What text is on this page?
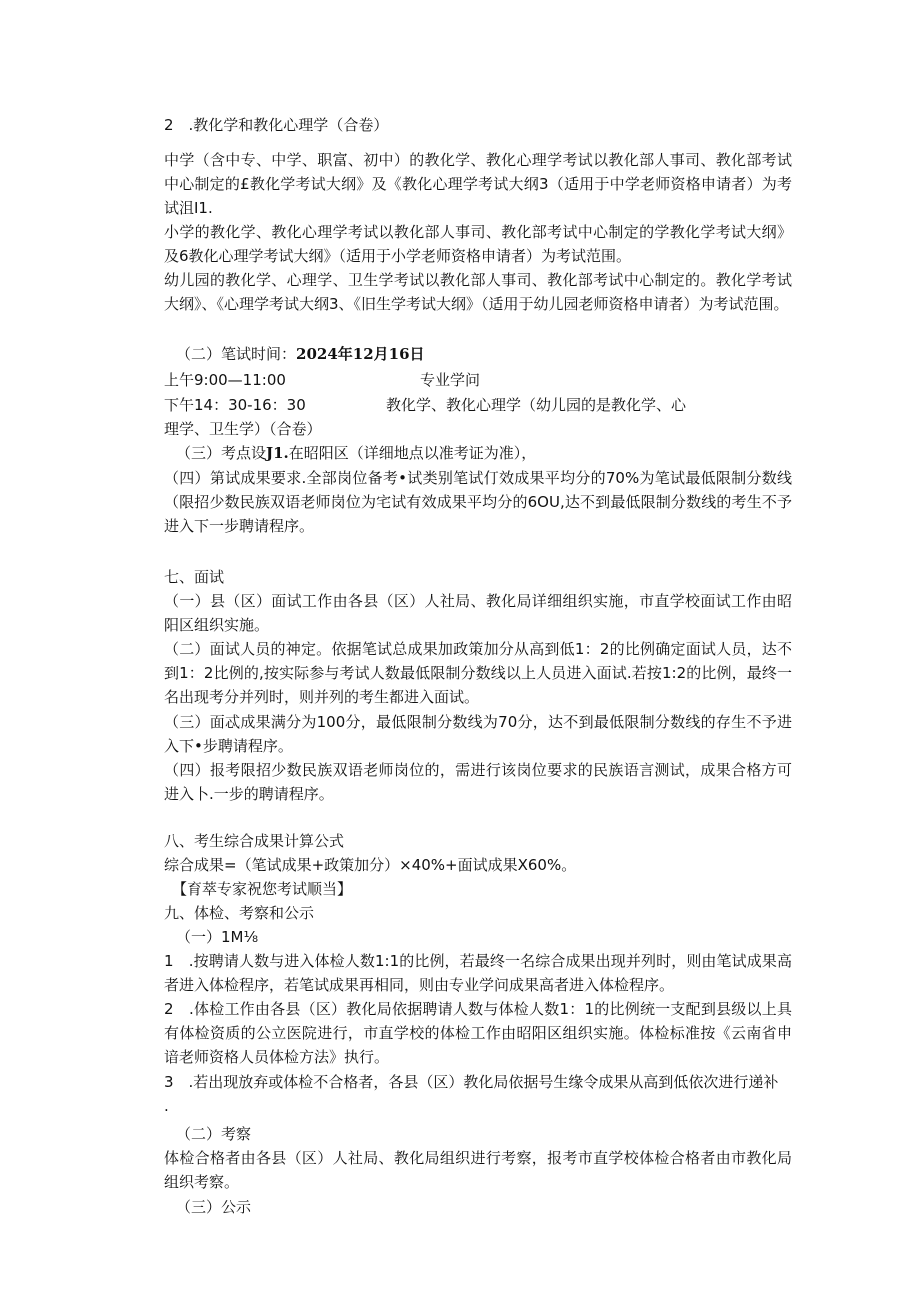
2　.教化学和教化心理学（合卷）
中学（含中专、中学、职富、初中）的教化学、教化心理学考试以教化部人事司、教化部考试中心制定的£教化学考试大纲》及《教化心理学考试大纲3（适用于中学老师资格申请者）为考试沮I1.
小学的教化学、教化心理学考试以教化部人事司、教化部考试中心制定的学教化学考试大纲》及6教化心理学考试大纲》（适用于小学老师资格申请者）为考试范围。
幼儿园的教化学、心理学、卫生学考试以教化部人事司、教化部考试中心制定的。教化学考试大纲》、《心理学考试大纲3、《旧生学考试大纲》（适用于幼儿园老师资格申请者）为考试范围。
（二）笔试时间：2024年12月16日
上午9:00—11:00	专业学问
下午14：30-16：30	教化学、教化心理学（幼儿园的是教化学、心
理学、卫生学）（合卷）
（三）考点设J1.在昭阳区（详细地点以准考证为准），
（四）第试成果要求.全部岗位备考•试类别笔试仃效成果平均分的70%为笔试最低限制分数线（限招少数民族双语老师岗位为宅试有效成果平均分的6OU,达不到最低限制分数线的考生不予进入下一步聘请程序。
七、面试
（一）县（区）面试工作由各县（区）人社局、教化局详细组织实施，市直学校面试工作由昭阳区组织实施。
（二）面试人员的神定。依据笔试总成果加政策加分从高到低1：2的比例确定面试人员，达不到1：2比例的,按实际参与考试人数最低限制分数线以上人员进入面试.若按1:2的比例，最终一名出现考分并列时，则并列的考生都进入面试。
（三）面忒成果满分为100分，最低限制分数线为70分，达不到最低限制分数线的存生不予进入下•步聘请程序。
（四）报考限招少数民族双语老师岗位的，需进行该岗位要求的民族语言测试，成果合格方可进入卜.一步的聘请程序。
八、考生综合成果计算公式
综合成果=（笔试成果+政策加分）×40%+面试成果X60%。
【育萃专家祝您考试顺当】
九、体检、考察和公示
（一）1M⅛
1　.按聘请人数与进入体检人数1:1的比例，若最终一名综合成果出现并列时，则由笔试成果高者进入体检程序，若笔试成果再相同，则由专业学问成果高者进入体检程序。
2　.体检工作由各县（区）教化局依据聘请人数与体检人数1：1的比例统一支配到县级以上具有体检资质的公立医院进行，市直学校的体检工作由昭阳区组织实施。体检标准按《云南省申谙老师资格人员体检方法》执行。
3　.若出现放弃或体检不合格者，各县（区）教化局依据号生缘令成果从高到低依次进行递补
.
（二）考察
体检合格者由各县（区）人社局、教化局组织进行考察，报考市直学校体检合格者由市教化局组织考察。
（三）公示
